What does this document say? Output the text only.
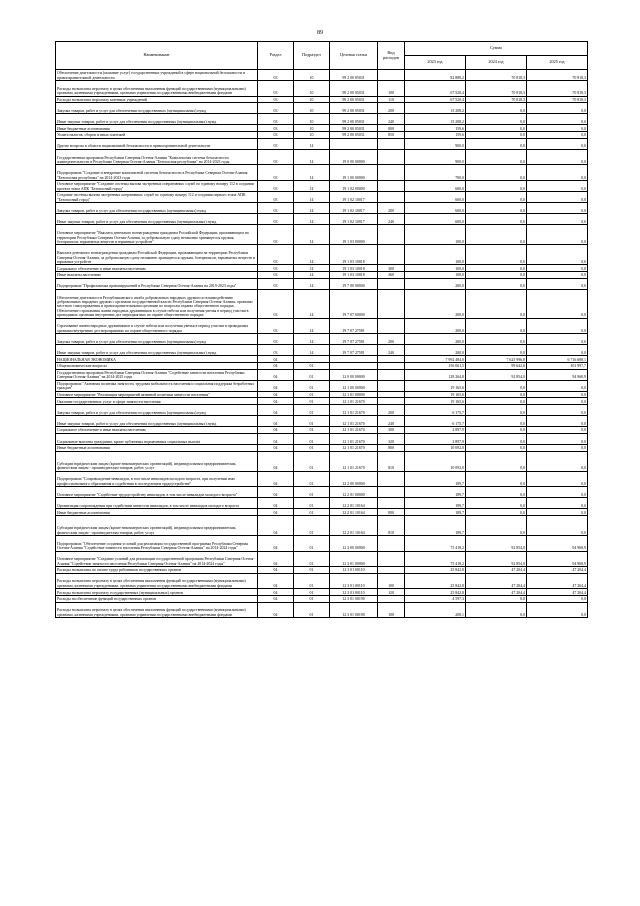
89
Наименование	Раздел	Подраздел	Целевая статья	Вид расходов	Сумма		
					2023 год	2024 год	2025 год
Обеспечение деятельности (оказание услуг) государственных учреждений в сфере национальной безопасности и правоохранительной деятельности	03	10	99 2 00 05031		82 888,2	70 818,3	70 818,3
Расходы на выплаты персоналу в целях обеспечения выполнения функций государственными (муниципальными) органами, казенными учреждениями, органами управления государственными внебюджетными фондами	03	10	99 2 00 05031	100	67 520,4	70 818,3	70 818,3
Расходы на выплаты персоналу казенных учреждений	03	10	99 2 00 05031	110	67 520,4	70 818,3	70 818,3
Закупка товаров, работ и услуг для обеспечения государственных (муниципальных) нужд	03	10	99 2 00 05031	200	15 208,2	0,0	0,0
Иные закупки товаров, работ и услуг для обеспечения государственных (муниципальных) нужд	03	10	99 2 00 05031	240	15 208,2	0,0	0,0
Иные бюджетные ассигнования	03	10	99 2 00 05031	800	159,6	0,0	0,0
Уплата налогов, сборов и иных платежей	03	10	99 2 00 05031	850	159,6	0,0	0,0
Другие вопросы в области национальной безопасности и правоохранительной деятельности	03	14			900,0	0,0	0,0
Государственная программа Республики Северная Осетия-Алания "Комплексная система безопасности жизнедеятельности в Республике Северная Осетия-Алания "Безопасная республика" на 2014-2023 годы	03	14	19 0 00 00000		900,0	0,0	0,0
Подпрограмма "Создание и внедрение комплексной системы безопасности в Республике Северная Осетия-Алания "Безопасная республика" на 2014-2023 годы	03	14	19 1 00 00000		700,0	0,0	0,0
Основное мероприятие "Создание системы вызова экстренных оперативных служб по единому номеру 112 в создании проекта этапа АПК "Безопасный город"	03	14	19 1 02 00000		600,0	0,0	0,0
Создание системы вызова экстренных оперативных служб по единому номеру 112 и создания первого этапа АПК "Безопасный город"	03	14	19 1 02 10017		600,0	0,0	0,0
Закупка товаров, работ и услуг для обеспечения государственных (муниципальных) нужд	03	14	19 1 02 10017	200	600,0	0,0	0,0
Иные закупки товаров, работ и услуг для обеспечения государственных (муниципальных) нужд	03	14	19 1 02 10017	240	600,0	0,0	0,0
Основное мероприятие "Выплата денежного вознаграждения гражданам Российской Федерации, проживающим на территории Республики Северная Осетия-Алания, за добровольную сдачу незаконно хранящегося оружия, боеприпасов, взрывчатых веществ и взрывных устройств"	03	14	19 1 03 00000		100,0	0,0	0,0
Выплата денежного вознаграждения гражданам Российской Федерации, проживающим на территории Республики Северная Осетия-Алания, за добровольную сдачу незаконно хранящегося оружия, боеприпасов, взрывчатых веществ и взрывных устройств	03	14	19 1 03 10018		100,0	0,0	0,0
Социальное обеспечение и иные выплаты населению	03	14	19 1 03 10018	300	100,0	0,0	0,0
Иные выплаты населению	03	14	19 1 03 10018	360	100,0	0,0	0,0
Подпрограмма "Профилактика правонарушений в Республике Северная Осетия-Алания на 2019-2023 годы"	03	14	19 7 00 00000		200,0	0,0	0,0
Обеспечение деятельности Республиканского штаба добровольных народных дружин по взаимодействию добровольных народных дружин с органами государственной власти Республики Северная Осетия-Алания, органами местного самоуправления и правоохранительными органами по вопросам охраны общественного порядка. Обеспечение страхования жизни народных дружинников в случае гибели или получения увечья в период участия в проводимых органами внутренних дел мероприятиях по охране общественного порядка	03	14	19 7 07 00000		200,0	0,0	0,0
Страхование жизни народных дружинников в случае гибели или получения увечья в период участия в проводимых органами внутренних дел мероприятиях по охране общественного порядка	03	14	19 7 07 27581		200,0	0,0	0,0
Закупка товаров, работ и услуг для обеспечения государственных (муниципальных) нужд	03	14	19 7 07 27581	200	200,0	0,0	0,0
Иные закупки товаров, работ и услуг для обеспечения государственных (муниципальных) нужд	03	14	19 7 07 27581	240	200,0	0,0	0,0
НАЦИОНАЛЬНАЯ ЭКОНОМИКА	04				7 992 484,0	7 625 996,8	6 716 688,1
Общеэкономические вопросы	04	01			156 061,5	99 642,8	101 997,7
Государственная программа Республики Северная Осетия-Алания "Содействие занятости населения Республики Северная Осетия-Алания" на 2014-2025 годы	04	01	12 0 00 00000		128 264,8	92 854,0	94 968,9
Подпрограмма "Активная политика занятости, трудовая мобильность населения и социальная поддержка безработных граждан"	04	01	12 1 00 00000		19 165,6	0,0	0,0
Основное мероприятие "Реализация мероприятий активной политики занятости населения"	04	01	12 1 01 00000		19 165,6	0,0	0,0
Оказание государственных услуг в сфере занятости населения	04	01	12 1 01 21670		19 165,6	0,0	0,0
Закупка товаров, работ и услуг для обеспечения государственных (муниципальных) нужд	04	01	12 1 01 21670	200	6 175,7	0,0	0,0
Иные закупки товаров, работ и услуг для обеспечения государственных (муниципальных) нужд	04	01	12 1 01 21670	240	6 175,7	0,0	0,0
Социальное обеспечение и иные выплаты населению	04	01	12 1 01 21670	300	2 897,9	0,0	0,0
Социальные выплаты гражданам, кроме публичных нормативных социальных выплат	04	01	12 1 01 21670	320	2 897,9	0,0	0,0
Иные бюджетные ассигнования	04	01	12 1 01 21670	800	10 092,0	0,0	0,0
Субсидии юридическим лицам (кроме некоммерческих организаций), индивидуальным предпринимателям, физическим лицам - производителям товаров, работ, услуг	04	01	12 1 01 21670	810	10 092,0	0,0	0,0
Подпрограмма "Сопровождение инвалидов, в том числе инвалидов молодого возраста, при получении ими профессионального образования и содействия в последующем трудоустройстве"	04	01	12 2 00 00000		189,7	0,0	0,0
Основное мероприятие "Содействие трудоустройству инвалидов, в том числе инвалидов молодого возраста"	04	01	12 2 01 00000		189,7	0,0	0,0
Организация сопровождения при содействии занятости инвалидов, в том числе инвалидов молодого возраста	04	01	12 2 01 10164		189,7	0,0	0,0
Иные бюджетные ассигнования	04	01	12 2 01 10164	800	189,7	0,0	0,0
Субсидии юридическим лицам (кроме некоммерческих организаций), индивидуальным предпринимателям, физическим лицам - производителям товаров, работ, услуг	04	01	12 2 01 10164	810	189,7	0,0	0,0
Подпрограмма "Обеспечение создания условий для реализации государственной программы Республики Северная Осетия-Алания "Содействие занятости населения Республики Северная Осетия-Алания" на 2014-2024 годы"	04	01	12 3 00 00000		75 418,2	92 854,0	94 968,9
Основное мероприятие "Создание условий для реализации государственной программы Республики Северная Осетия-Алания "Содействие занятости населения Республики Северная Осетия-Алания" на 2014-2024 годы"	04	01	12 3 01 00000		75 418,2	92 854,0	94 968,9
Расходы на выплаты по оплате труда работников государственных органов	04	01	12 3 01 00110		25 842,8	47 204,4	47 204,4
Расходы на выплаты персоналу в целях обеспечения выполнения функций государственными (муниципальными) органами, казенными учреждениями, органами управления государственными внебюджетными фондами	04	01	12 3 01 00110	100	25 842,8	47 204,4	47 204,4
Расходы на выплаты персоналу государственных (муниципальных) органов	04	01	12 3 01 00110	120	25 842,8	47 204,4	47 204,4
Расходы на обеспечение функций государственных органов	04	01	12 3 01 00190		4 597,3	0,0	0,0
Расходы на выплаты персоналу в целях обеспечения выполнения функций государственными (муниципальными) органами, казенными учреждениями, органами управления государственными внебюджетными фондами	04	01	12 3 01 00190	100	208,1	0,0	0,0
